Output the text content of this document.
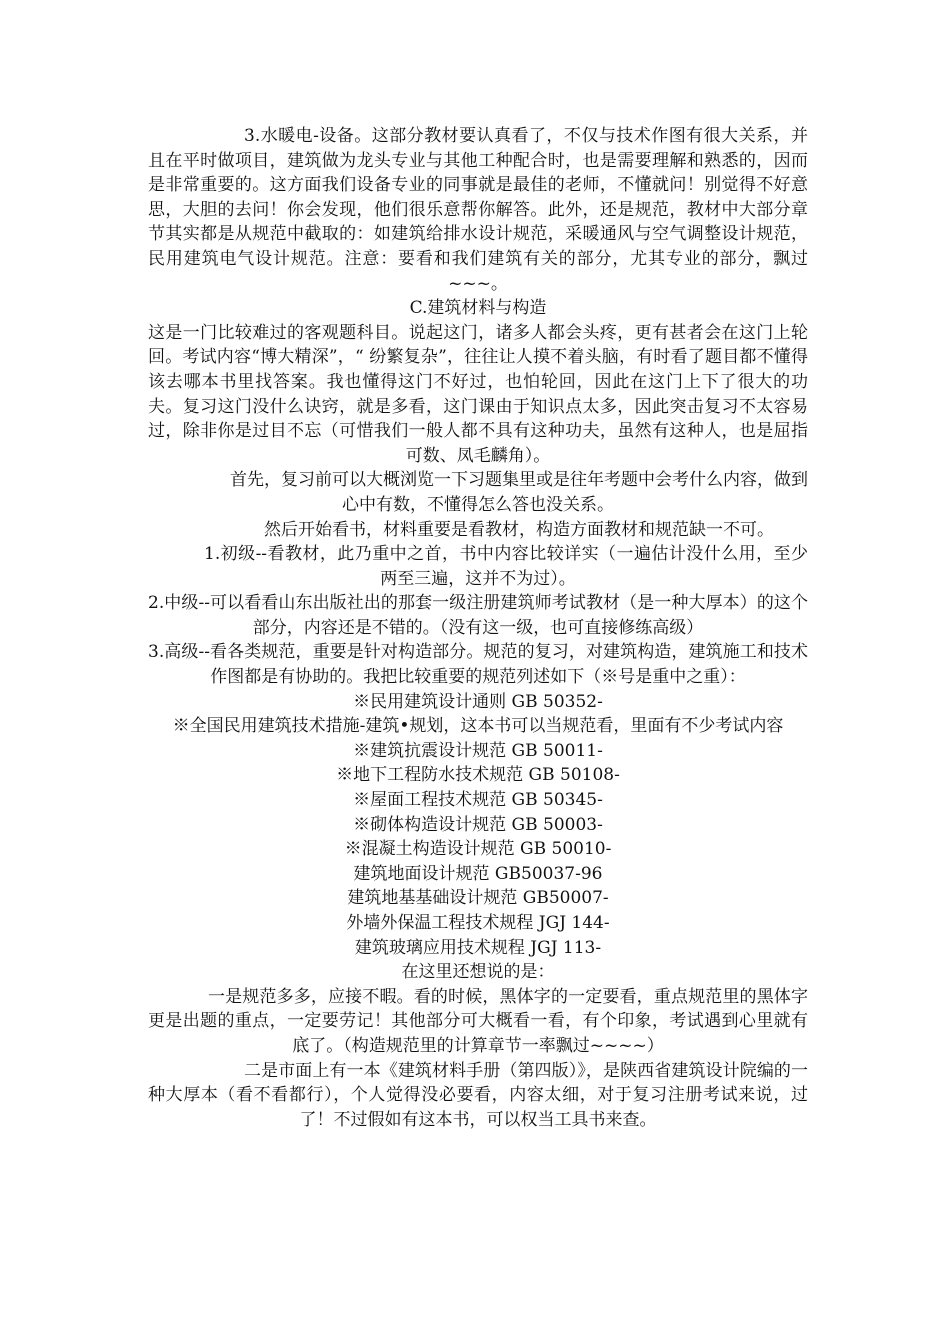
3.水暖电-设备。这部分教材要认真看了，不仅与技术作图有很大关系，并且在平时做项目，建筑做为龙头专业与其他工种配合时，也是需要理解和熟悉的，因而是非常重要的。这方面我们设备专业的同事就是最佳的老师，不懂就问！别觉得不好意思，大胆的去问！你会发现，他们很乐意帮你解答。此外，还是规范，教材中大部分章节其实都是从规范中截取的：如建筑给排水设计规范，采暖通风与空气调整设计规范，民用建筑电气设计规范。注意：要看和我们建筑有关的部分，尤其专业的部分，飘过~~~。

C.建筑材料与构造

这是一门比较难过的客观题科目。说起这门，诸多人都会头疼，更有甚者会在这门上轮回。考试内容“博大精深”，“ 纷繁复杂”，往往让人摸不着头脑，有时看了题目都不懂得该去哪本书里找答案。我也懂得这门不好过，也怕轮回，因此在这门上下了很大的功夫。复习这门没什么诀窍，就是多看，这门课由于知识点太多，因此突击复习不太容易过，除非你是过目不忘（可惜我们一般人都不具有这种功夫，虽然有这种人，也是屈指可数、凤毛麟角）。

首先，复习前可以大概浏览一下习题集里或是往年考题中会考什么内容，做到心中有数，不懂得怎么答也没关系。

然后开始看书，材料重要是看教材，构造方面教材和规范缺一不可。

1.初级--看教材，此乃重中之首，书中内容比较详实（一遍估计没什么用，至少两至三遍，这并不为过）。

2.中级--可以看看山东出版社出的那套一级注册建筑师考试教材（是一种大厚本）的这个部分，内容还是不错的。（没有这一级，也可直接修练高级）

3.高级--看各类规范，重要是针对构造部分。规范的复习，对建筑构造，建筑施工和技术作图都是有协助的。我把比较重要的规范列述如下（※号是重中之重）：

※民用建筑设计通则 GB 50352-

※全国民用建筑技术措施-建筑•规划，这本书可以当规范看，里面有不少考试内容

※建筑抗震设计规范 GB 50011-

※地下工程防水技术规范 GB 50108-

※屋面工程技术规范 GB 50345-

※砌体构造设计规范 GB 50003-

※混凝土构造设计规范 GB 50010-

建筑地面设计规范 GB50037-96

建筑地基基础设计规范 GB50007-

外墙外保温工程技术规程 JGJ 144-

建筑玻璃应用技术规程 JGJ 113-

在这里还想说的是：

一是规范多多，应接不暇。看的时候，黑体字的一定要看，重点规范里的黑体字更是出题的重点，一定要劳记！其他部分可大概看一看，有个印象，考试遇到心里就有底了。（构造规范里的计算章节一率飘过~~~~）

二是市面上有一本《建筑材料手册（第四版）》，是陕西省建筑设计院编的一种大厚本（看不看都行），个人觉得没必要看，内容太细，对于复习注册考试来说，过了！不过假如有这本书，可以权当工具书来查。
